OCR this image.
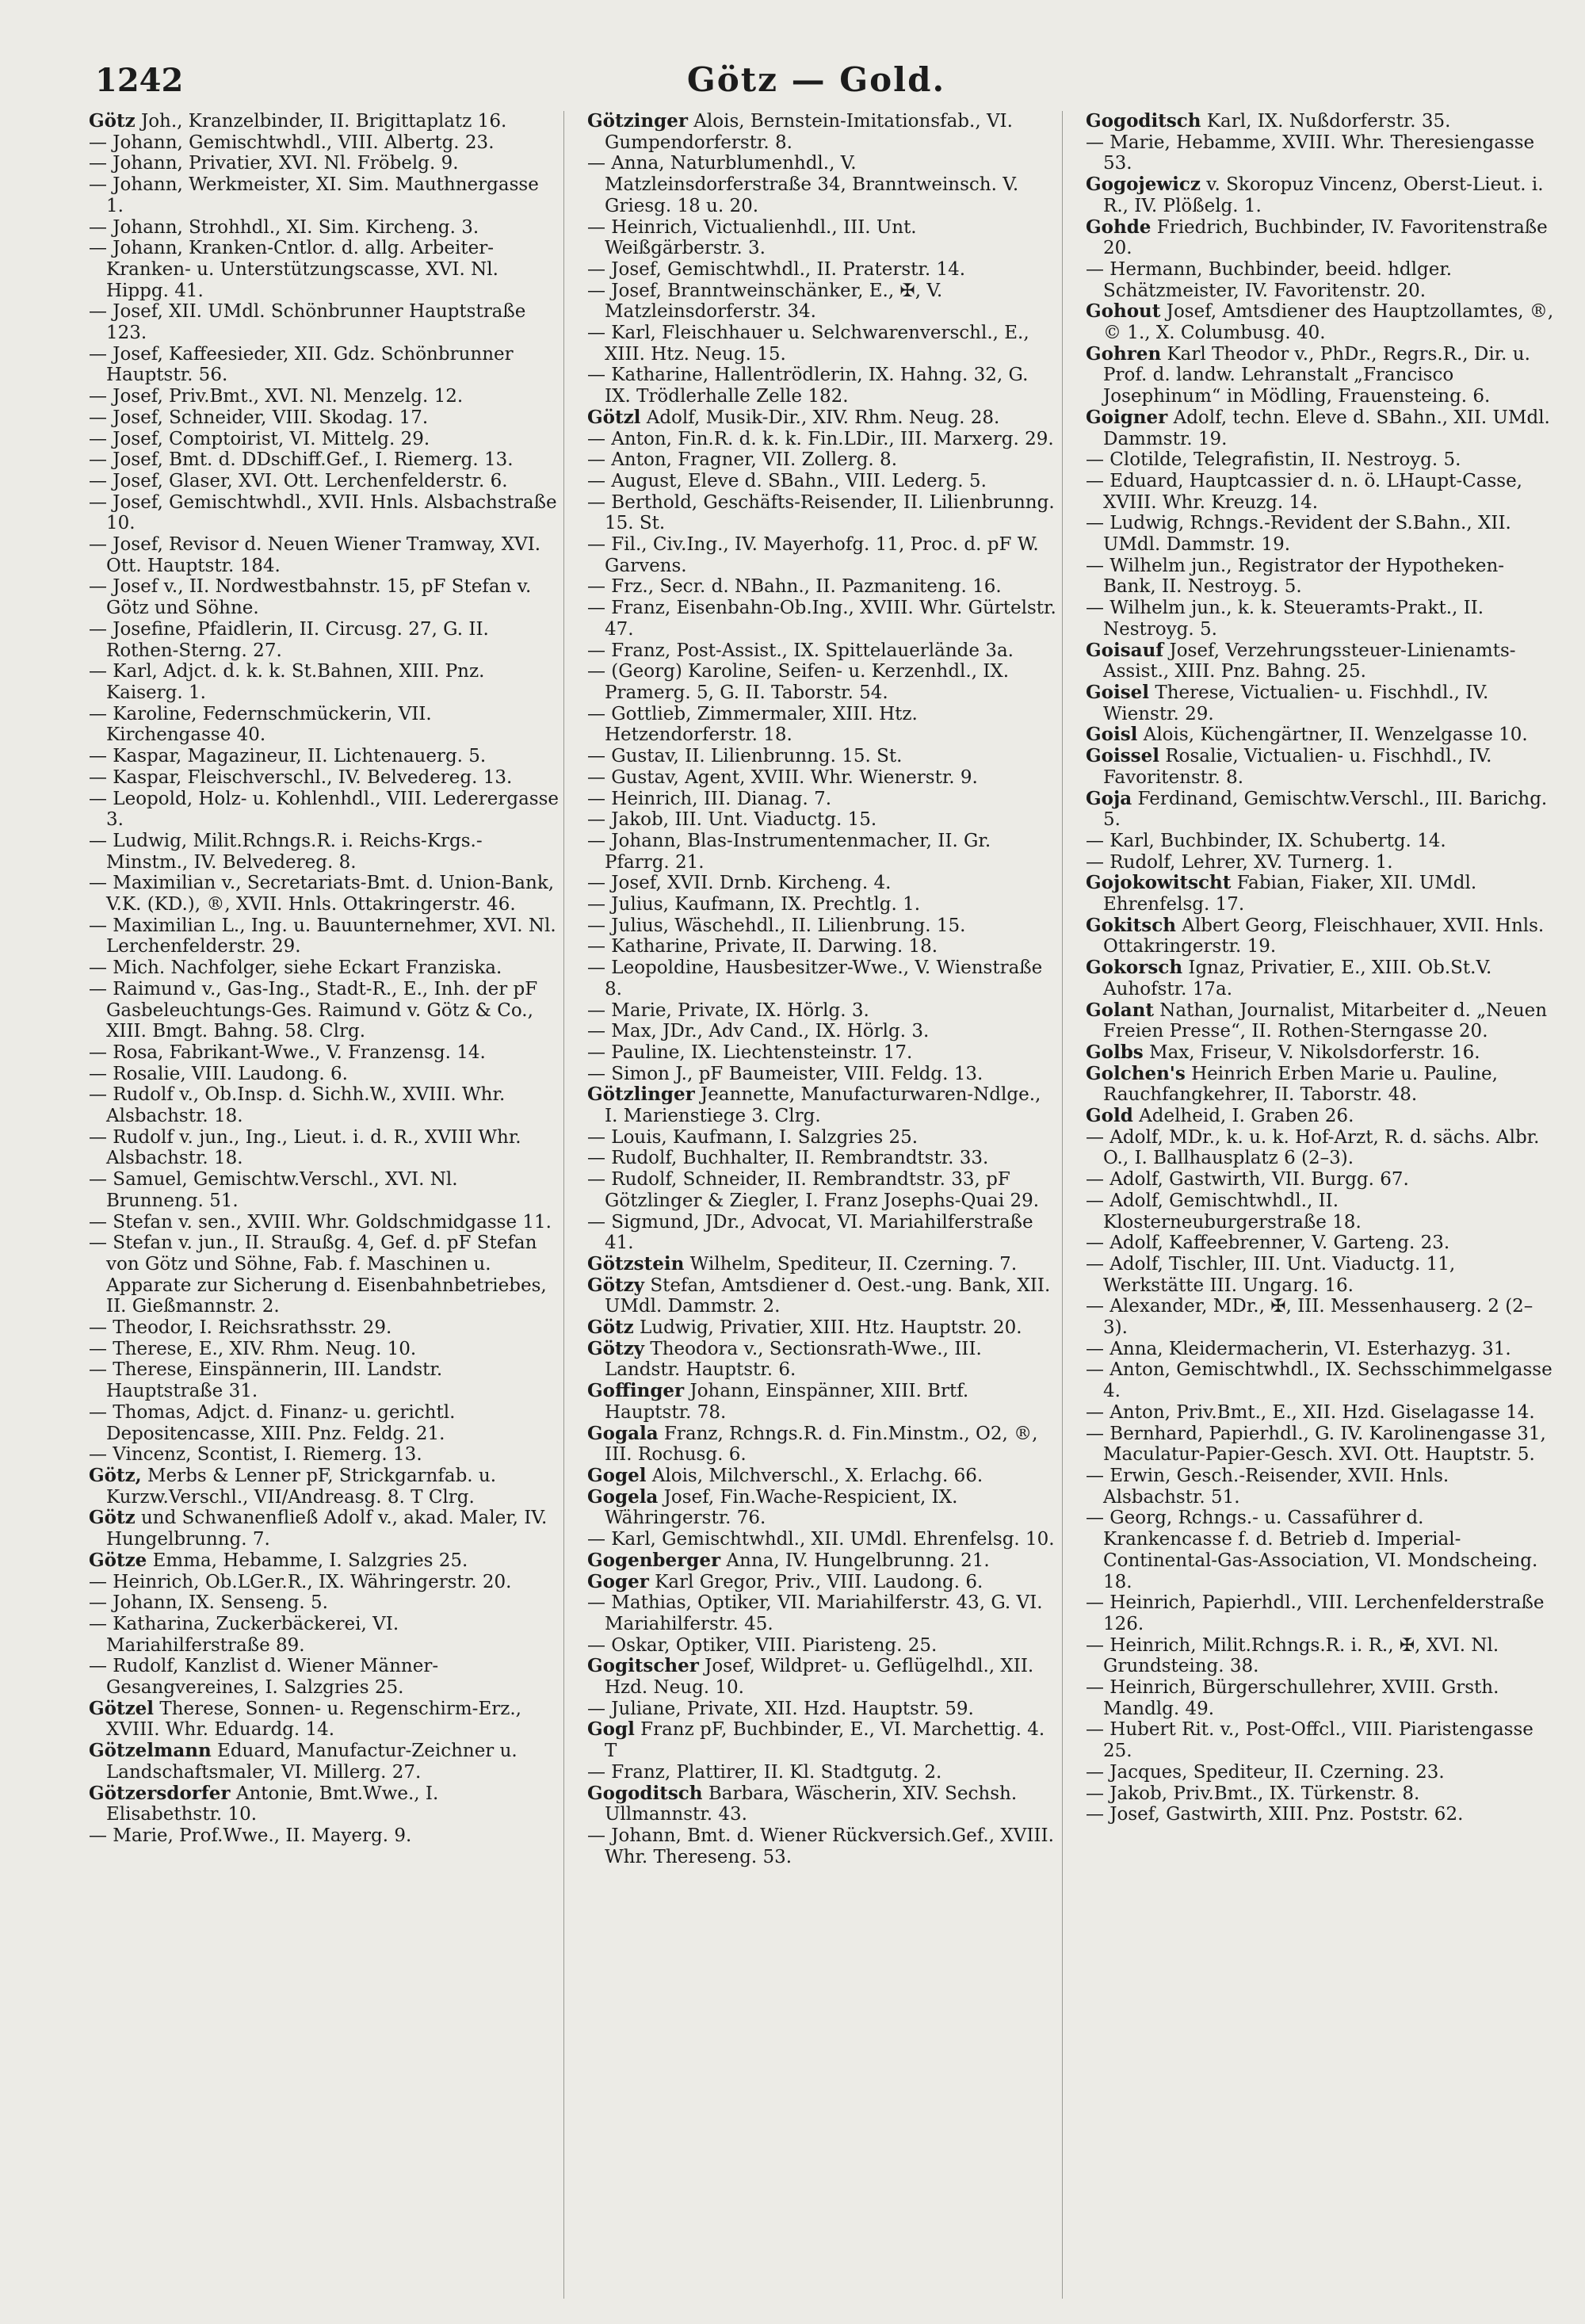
1242	Götz — Gold.
Götz Joh., Kranzelbinder, II. Brigittaplatz 16.
— Johann, Gemischtwhdl., VIII. Albertg. 23.
— Johann, Privatier, XVI. Nl. Fröbelg. 9.
— Johann, Werkmeister, XI. Sim. Mauthnergasse 1.
— Johann, Strohhdl., XI. Sim. Kircheng. 3.
— Johann, Kranken-Cntlor. d. allg. Arbeiter-Kranken- u. Unterstützungscasse, XVI. Nl. Hippg. 41.
— Josef, XII. UMdl. Schönbrunner Hauptstraße 123.
— Josef, Kaffeesieder, XII. Gdz. Schönbrunner Hauptstr. 56.
— Josef, Priv.Bmt., XVI. Nl. Menzelg. 12.
— Josef, Schneider, VIII. Skodag. 17.
— Josef, Comptoirist, VI. Mittelg. 29.
— Josef, Bmt. d. DDschiff.Gef., I. Riemerg. 13.
— Josef, Glaser, XVI. Ott. Lerchenfelderstr. 6.
— Josef, Gemischtwhdl., XVII. Hnls. Alsbachstraße 10.
— Josef, Revisor d. Neuen Wiener Tramway, XVI. Ott. Hauptstr. 184.
— Josef v., II. Nordwestbahnstr. 15, pF Stefan v. Götz und Söhne.
— Josefine, Pfaidlerin, II. Circusg. 27, G. II. Rothen-Sterng. 27.
— Karl, Adjct. d. k. k. St.Bahnen, XIII. Pnz. Kaiserg. 1.
— Karoline, Federnschmückerin, VII. Kirchengasse 40.
— Kaspar, Magazineur, II. Lichtenauerg. 5.
— Kaspar, Fleischverschl., IV. Belvedereg. 13.
— Leopold, Holz- u. Kohlenhdl., VIII. Lederergasse 3.
— Ludwig, Milit.Rchngs.R. i. Reichs-Krgs.-Minstm., IV. Belvedereg. 8.
— Maximilian v., Secretariats-Bmt. d. Union-Bank, V.K. (KD.), ®, XVII. Hnls. Ottakringerstr. 46.
— Maximilian L., Ing. u. Bauunternehmer, XVI. Nl. Lerchenfelderstr. 29.
— Mich. Nachfolger, siehe Eckart Franziska.
— Raimund v., Gas-Ing., Stadt-R., E., Inh. der pF Gasbeleuchtungs-Ges. Raimund v. Götz & Co., XIII. Bmgt. Bahng. 58. Clrg.
— Rosa, Fabrikant-Wwe., V. Franzensg. 14.
— Rosalie, VIII. Laudong. 6.
— Rudolf v., Ob.Insp. d. Sichh.W., XVIII. Whr. Alsbachstr. 18.
— Rudolf v. jun., Ing., Lieut. i. d. R., XVIII Whr. Alsbachstr. 18.
— Samuel, Gemischtw.Verschl., XVI. Nl. Brunneng. 51.
— Stefan v. sen., XVIII. Whr. Goldschmidgasse 11.
— Stefan v. jun., II. Straußg. 4, Gef. d. pF Stefan von Götz und Söhne, Fab. f. Maschinen u. Apparate zur Sicherung d. Eisenbahnbetriebes, II. Gießmannstr. 2.
— Theodor, I. Reichsrathsstr. 29.
— Therese, E., XIV. Rhm. Neug. 10.
— Therese, Einspännerin, III. Landstr. Hauptstraße 31.
— Thomas, Adjct. d. Finanz- u. gerichtl. Depositencasse, XIII. Pnz. Feldg. 21.
— Vincenz, Scontist, I. Riemerg. 13.
Götz, Merbs & Lenner pF, Strickgarnfab. u. Kurzw.Verschl., VII/Andreasg. 8. T Clrg.
Götz und Schwanenfließ Adolf v., akad. Maler, IV. Hungelbrunng. 7.
Götze Emma, Hebamme, I. Salzgries 25.
— Heinrich, Ob.LGer.R., IX. Währingerstr. 20.
— Johann, IX. Senseng. 5.
— Katharina, Zuckerbäckerei, VI. Mariahilferstraße 89.
— Rudolf, Kanzlist d. Wiener Männer-Gesangvereines, I. Salzgries 25.
Götzel Therese, Sonnen- u. Regenschirm-Erz., XVIII. Whr. Eduardg. 14.
Götzelmann Eduard, Manufactur-Zeichner u. Landschaftsmaler, VI. Millerg. 27.
Götzersdorfer Antonie, Bmt.Wwe., I. Elisabethstr. 10.
— Marie, Prof.Wwe., II. Mayerg. 9.
Götzinger Alois, Bernstein-Imitationsfab., VI. Gumpendorferstr. 8.
— Anna, Naturblumenhdl., V. Matzleinsdorferstraße 34, Branntweinsch. V. Griesg. 18 u. 20.
— Heinrich, Victualienhdl., III. Unt. Weißgärberstr. 3.
— Josef, Gemischtwhdl., II. Praterstr. 14.
— Josef, Branntweinschänker, E., ✠, V. Matzleinsdorferstr. 34.
— Karl, Fleischhauer u. Selchwarenverschl., E., XIII. Htz. Neug. 15.
— Katharine, Hallentrödlerin, IX. Hahng. 32, G. IX. Trödlerhalle Zelle 182.
Götzl Adolf, Musik-Dir., XIV. Rhm. Neug. 28.
— Anton, Fin.R. d. k. k. Fin.LDir., III. Marxerg. 29.
— Anton, Fragner, VII. Zollerg. 8.
— August, Eleve d. SBahn., VIII. Lederg. 5.
— Berthold, Geschäfts-Reisender, II. Lilienbrunng. 15. St.
— Fil., Civ.Ing., IV. Mayerhofg. 11, Proc. d. pF W. Garvens.
— Frz., Secr. d. NBahn., II. Pazmaniteng. 16.
— Franz, Eisenbahn-Ob.Ing., XVIII. Whr. Gürtelstr. 47.
— Franz, Post-Assist., IX. Spittelauerlände 3a.
— (Georg) Karoline, Seifen- u. Kerzenhdl., IX. Pramerg. 5, G. II. Taborstr. 54.
— Gottlieb, Zimmermaler, XIII. Htz. Hetzendorferstr. 18.
— Gustav, II. Lilienbrunng. 15. St.
— Gustav, Agent, XVIII. Whr. Wienerstr. 9.
— Heinrich, III. Dianag. 7.
— Jakob, III. Unt. Viaductg. 15.
— Johann, Blas-Instrumentenmacher, II. Gr. Pfarrg. 21.
— Josef, XVII. Drnb. Kircheng. 4.
— Julius, Kaufmann, IX. Prechtlg. 1.
— Julius, Wäschehdl., II. Lilienbrung. 15.
— Katharine, Private, II. Darwing. 18.
— Leopoldine, Hausbesitzer-Wwe., V. Wienstraße 8.
— Marie, Private, IX. Hörlg. 3.
— Max, JDr., Adv Cand., IX. Hörlg. 3.
— Pauline, IX. Liechtensteinstr. 17.
— Simon J., pF Baumeister, VIII. Feldg. 13.
Götzlinger Jeannette, Manufacturwaren-Ndlge., I. Marienstiege 3. Clrg.
— Louis, Kaufmann, I. Salzgries 25.
— Rudolf, Buchhalter, II. Rembrandtstr. 33.
— Rudolf, Schneider, II. Rembrandtstr. 33, pF Götzlinger & Ziegler, I. Franz Josephs-Quai 29.
— Sigmund, JDr., Advocat, VI. Mariahilferstraße 41.
Götzstein Wilhelm, Spediteur, II. Czerning. 7.
Götzy Stefan, Amtsdiener d. Oest.-ung. Bank, XII. UMdl. Dammstr. 2.
Götz Ludwig, Privatier, XIII. Htz. Hauptstr. 20.
Götzy Theodora v., Sectionsrath-Wwe., III. Landstr. Hauptstr. 6.
Goffinger Johann, Einspänner, XIII. Brtf. Hauptstr. 78.
Gogala Franz, Rchngs.R. d. Fin.Minstm., O2, ®, III. Rochusg. 6.
Gogel Alois, Milchverschl., X. Erlachg. 66.
Gogela Josef, Fin.Wache-Respicient, IX. Währingerstr. 76.
— Karl, Gemischtwhdl., XII. UMdl. Ehrenfelsg. 10.
Gogenberger Anna, IV. Hungelbrunng. 21.
Goger Karl Gregor, Priv., VIII. Laudong. 6.
— Mathias, Optiker, VII. Mariahilferstr. 43, G. VI. Mariahilferstr. 45.
— Oskar, Optiker, VIII. Piaristeng. 25.
Gogitscher Josef, Wildpret- u. Geflügelhdl., XII. Hzd. Neug. 10.
— Juliane, Private, XII. Hzd. Hauptstr. 59.
Gogl Franz pF, Buchbinder, E., VI. Marchettig. 4. T
— Franz, Plattirer, II. Kl. Stadtgutg. 2.
Gogoditsch Barbara, Wäscherin, XIV. Sechsh. Ullmannstr. 43.
— Johann, Bmt. d. Wiener Rückversich.Gef., XVIII. Whr. Thereseng. 53.
Gogoditsch Karl, IX. Nußdorferstr. 35.
— Marie, Hebamme, XVIII. Whr. Theresiengasse 53.
Gogojewicz v. Skoropuz Vincenz, Oberst-Lieut. i. R., IV. Plößelg. 1.
Gohde Friedrich, Buchbinder, IV. Favoritenstraße 20.
— Hermann, Buchbinder, beeid. hdlger. Schätzmeister, IV. Favoritenstr. 20.
Gohout Josef, Amtsdiener des Hauptzollamtes, ®, © 1., X. Columbusg. 40.
Gohren Karl Theodor v., PhDr., Regrs.R., Dir. u. Prof. d. landw. Lehranstalt „Francisco Josephinum“ in Mödling, Frauensteing. 6.
Goigner Adolf, techn. Eleve d. SBahn., XII. UMdl. Dammstr. 19.
— Clotilde, Telegrafistin, II. Nestroyg. 5.
— Eduard, Hauptcassier d. n. ö. LHaupt-Casse, XVIII. Whr. Kreuzg. 14.
— Ludwig, Rchngs.-Revident der S.Bahn., XII. UMdl. Dammstr. 19.
— Wilhelm jun., Registrator der Hypotheken-Bank, II. Nestroyg. 5.
— Wilhelm jun., k. k. Steueramts-Prakt., II. Nestroyg. 5.
Goisauf Josef, Verzehrungssteuer-Linienamts-Assist., XIII. Pnz. Bahng. 25.
Goisel Therese, Victualien- u. Fischhdl., IV. Wienstr. 29.
Goisl Alois, Küchengärtner, II. Wenzelgasse 10.
Goissel Rosalie, Victualien- u. Fischhdl., IV. Favoritenstr. 8.
Goja Ferdinand, Gemischtw.Verschl., III. Barichg. 5.
— Karl, Buchbinder, IX. Schubertg. 14.
— Rudolf, Lehrer, XV. Turnerg. 1.
Gojokowitscht Fabian, Fiaker, XII. UMdl. Ehrenfelsg. 17.
Gokitsch Albert Georg, Fleischhauer, XVII. Hnls. Ottakringerstr. 19.
Gokorsch Ignaz, Privatier, E., XIII. Ob.St.V. Auhofstr. 17a.
Golant Nathan, Journalist, Mitarbeiter d. „Neuen Freien Presse“, II. Rothen-Sterngasse 20.
Golbs Max, Friseur, V. Nikolsdorferstr. 16.
Golchen's Heinrich Erben Marie u. Pauline, Rauchfangkehrer, II. Taborstr. 48.
Gold Adelheid, I. Graben 26.
— Adolf, MDr., k. u. k. Hof-Arzt, R. d. sächs. Albr. O., I. Ballhausplatz 6 (2–3).
— Adolf, Gastwirth, VII. Burgg. 67.
— Adolf, Gemischtwhdl., II. Klosterneuburgerstraße 18.
— Adolf, Kaffeebrenner, V. Garteng. 23.
— Adolf, Tischler, III. Unt. Viaductg. 11, Werkstätte III. Ungarg. 16.
— Alexander, MDr., ✠, III. Messenhauserg. 2 (2–3).
— Anna, Kleidermacherin, VI. Esterhazyg. 31.
— Anton, Gemischtwhdl., IX. Sechsschimmelgasse 4.
— Anton, Priv.Bmt., E., XII. Hzd. Giselagasse 14.
— Bernhard, Papierhdl., G. IV. Karolinengasse 31, Maculatur-Papier-Gesch. XVI. Ott. Hauptstr. 5.
— Erwin, Gesch.-Reisender, XVII. Hnls. Alsbachstr. 51.
— Georg, Rchngs.- u. Cassaführer d. Krankencasse f. d. Betrieb d. Imperial-Continental-Gas-Association, VI. Mondscheing. 18.
— Heinrich, Papierhdl., VIII. Lerchenfelderstraße 126.
— Heinrich, Milit.Rchngs.R. i. R., ✠, XVI. Nl. Grundsteing. 38.
— Heinrich, Bürgerschullehrer, XVIII. Grsth. Mandlg. 49.
— Hubert Rit. v., Post-Offcl., VIII. Piaristengasse 25.
— Jacques, Spediteur, II. Czerning. 23.
— Jakob, Priv.Bmt., IX. Türkenstr. 8.
— Josef, Gastwirth, XIII. Pnz. Poststr. 62.
